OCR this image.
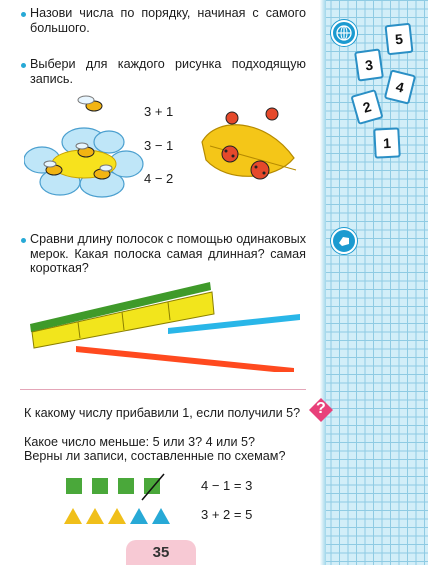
Назови числа по порядку, начиная с самого большого.
Выбери для каждого рисунка подходящую запись.
3 + 1
3 − 1
4 − 2
Сравни длину полосок с помощью одинаковых мерок. Какая полоска самая длинная? самая короткая?
К какому числу прибавили 1, если получили 5?
Какое число меньше: 5 или 3? 4 или 5?
Верны ли записи, составленные по схемам?
?
4 − 1 = 3
3 + 2 = 5
35
5
3
4
2
1
